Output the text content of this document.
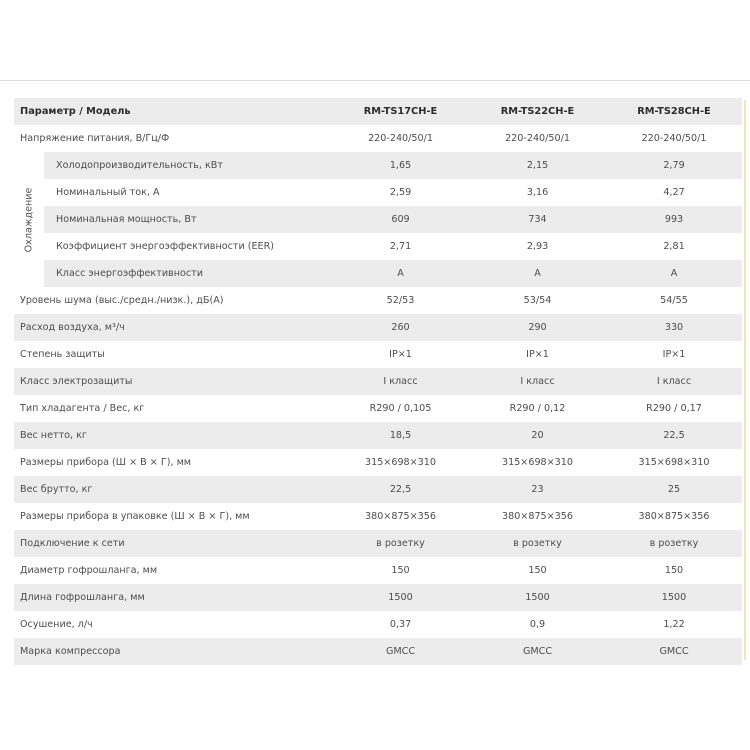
Параметр / Модель		RM-TS17CH-E	RM-TS22CH-E	RM-TS28CH-E
Напряжение питания, В/Гц/Ф		220-240/50/1	220-240/50/1	220-240/50/1

Охлаждение	Холодопроизводительность, кВт	1,65	2,15	2,79
	Номинальный ток, А	2,59	3,16	4,27
	Номинальная мощность, Вт	609	734	993
	Коэффициент энергоэффективности (EER)	2,71	2,93	2,81
	Класс энергоэффективности	A	A	A
Уровень шума (выс./средн./низк.), дБ(А)		52/53	53/54	54/55
Расход воздуха, м³/ч		260	290	330
Степень защиты		IP×1	IP×1	IP×1
Класс электрозащиты		I класс	I класс	I класс
Тип хладагента / Вес, кг		R290 / 0,105	R290 / 0,12	R290 / 0,17
Вес нетто, кг		18,5	20	22,5
Размеры прибора (Ш × В × Г), мм		315×698×310	315×698×310	315×698×310
Вес брутто, кг		22,5	23	25
Размеры прибора в упаковке (Ш × В × Г), мм		380×875×356	380×875×356	380×875×356
Подключение к сети		в розетку	в розетку	в розетку
Диаметр гофрошланга, мм		150	150	150
Длина гофрошланга, мм		1500	1500	1500
Осушение, л/ч		0,37	0,9	1,22
Марка компрессора		GMCC	GMCC	GMCC
